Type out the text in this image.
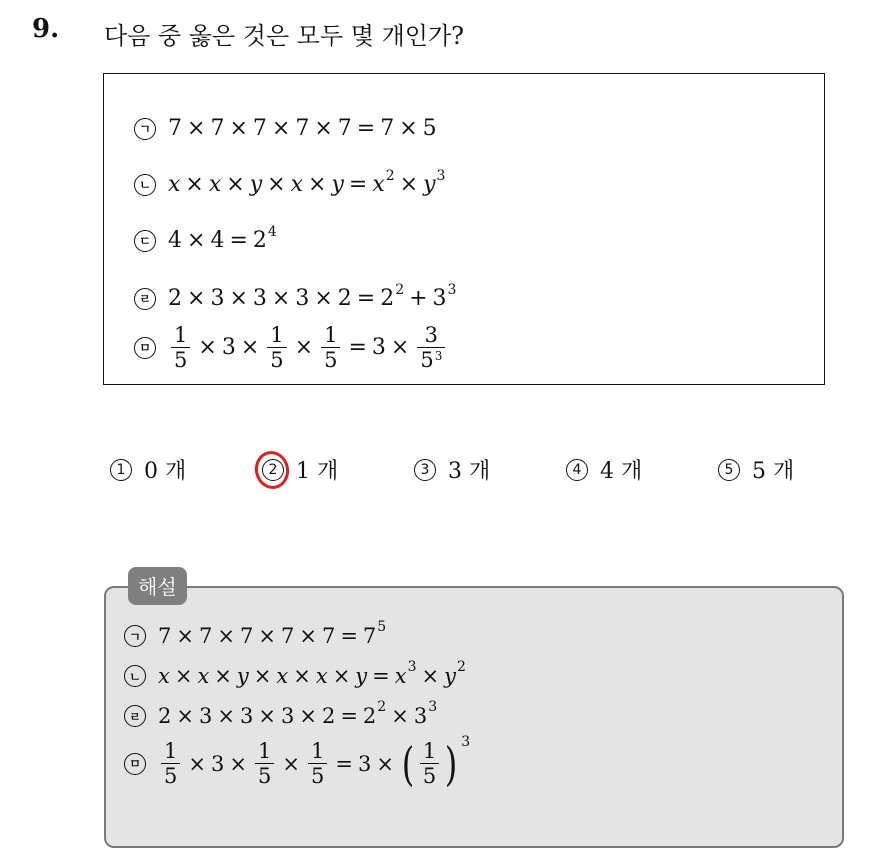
9. 다음 중 옳은 것은 모두 몇 개인가?
ㄱ 7 × 7 × 7 × 7 × 7 = 7 × 5
ㄴ x × x × y × x × y = x 2 × y 3
ㄷ 4 × 4 = 2 4
ㄹ 2 × 3 × 3 × 3 × 2 = 2 2 + 3 3
ㅁ $\frac{1}{5} \times 3 \times \frac{1}{5} \times \frac{1}{5} = 3 \times \frac{3}{5^3}$
1 0 개	2 1 개	3 3 개	4 4 개	5 5 개
ㄱ 7 × 7 × 7 × 7 × 7 = 7 5
ㄴ x × x × y × x × x × y = x 3 × y 2
ㄹ 2 × 3 × 3 × 3 × 2 = 2 2 × 3 3
ㅁ $\frac{1}{5} \times 3 \times \frac{1}{5} \times \frac{1}{5} = 3$ × ( $\frac{1}{5}$ ) 3
해설
